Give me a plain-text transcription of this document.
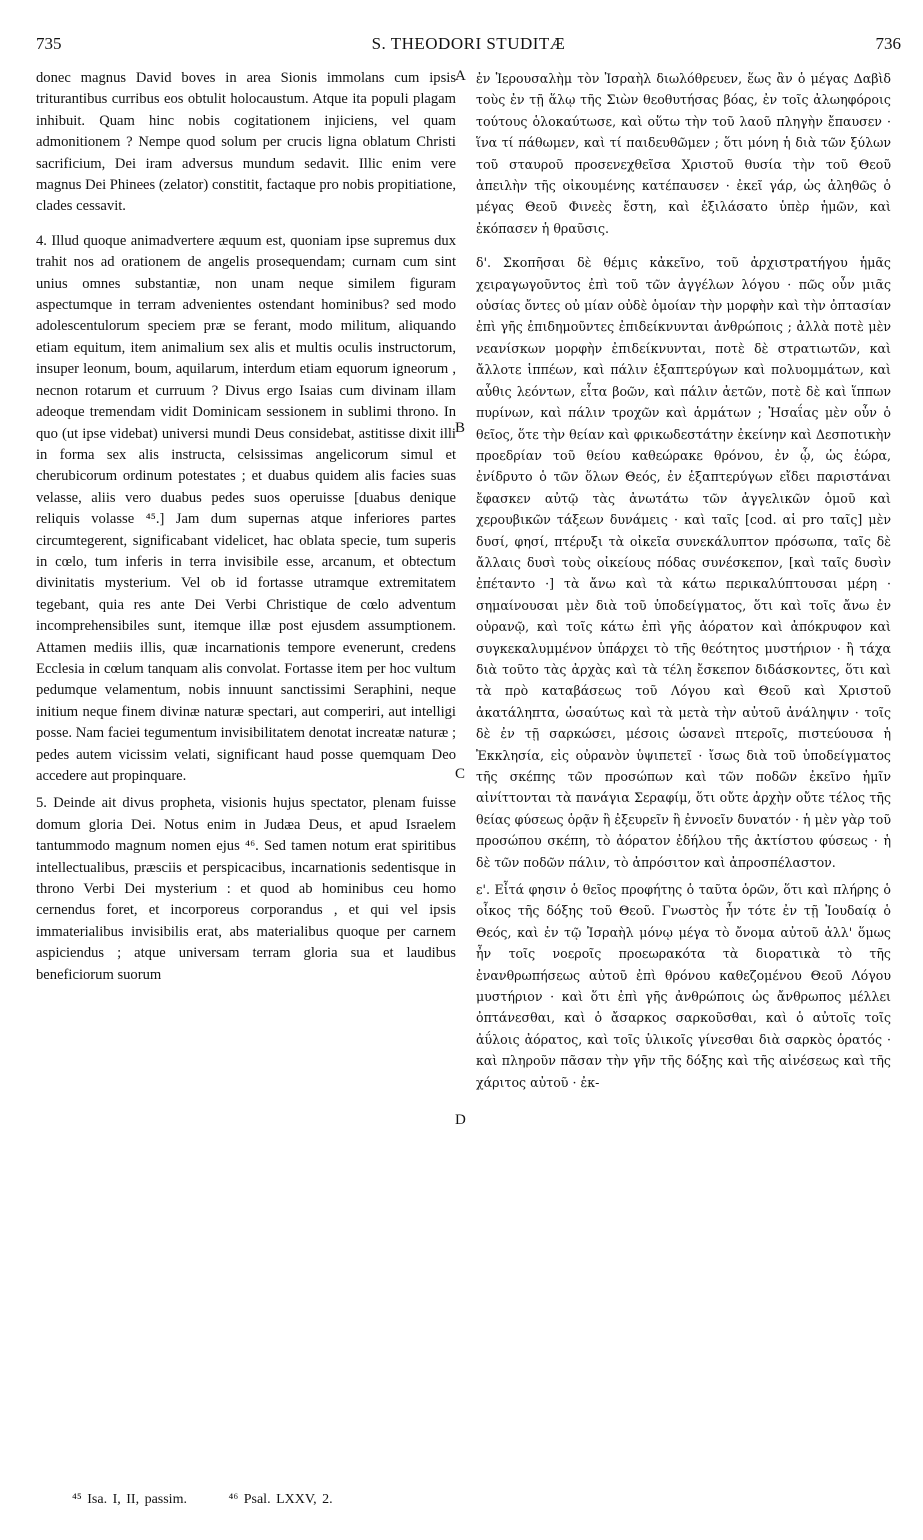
735	S. THEODORI STUDITÆ	736

donec magnus David boves in area Sionis immolans cum ipsis triturantibus curribus eos obtulit holocaustum. Atque ita populi plagam inhibuit. Quam hinc nobis cogitationem injiciens, vel quam admonitionem ? Nempe quod solum per crucis ligna oblatum Christi sacrificium, Dei iram adversus mundum sedavit. Illic enim vere magnus Dei Phinees (zelator) constitit, factaque pro nobis propitiatione, clades cessavit.

4. Illud quoque animadvertere æquum est, quoniam ipse supremus dux trahit nos ad orationem de angelis prosequendam; curnam cum sint unius omnes substantiæ, non unam neque similem figuram aspectumque in terram advenientes ostendant hominibus? sed modo adolescentulorum speciem præ se ferant, modo militum, aliquando etiam equitum, item animalium sex alis et multis oculis instructorum, insuper leonum, boum, aquilarum, interdum etiam equorum igneorum , necnon rotarum et curruum ? Divus ergo Isaias cum divinam illam adeoque tremendam vidit Dominicam sessionem in sublimi throno. In quo (ut ipse videbat) universi mundi Deus considebat, astitisse dixit illi in forma sex alis instructa, celsissimas angelicorum simul et cherubicorum ordinum potestates ; et duabus quidem alis facies suas velasse, aliis vero duabus pedes suos operuisse [duabus denique reliquis volasse ⁴⁵.] Jam dum supernas atque inferiores partes circumtegerent, significabant videlicet, hac oblata specie, tum superis in cœlo, tum inferis in terra invisibile esse, arcanum, et obtectum divinitatis mysterium. Vel ob id fortasse utramque extremitatem tegebant, quia res ante Dei Verbi Christique de cœlo adventum incomprehensibiles sunt, itemque illæ post ejusdem assumptionem. Attamen mediis illis, quæ incarnationis tempore evenerunt, credens Ecclesia in cœlum tanquam alis convolat. Fortasse item per hoc vultum pedumque velamentum, nobis innuunt sanctissimi Seraphini, neque initium neque finem divinæ naturæ spectari, aut comperiri, aut intelligi posse. Nam faciei tegumentum invisibilitatem denotat increatæ naturæ ; pedes autem vicissim velati, significant haud posse quemquam Deo accedere aut propinquare.

5. Deinde ait divus propheta, visionis hujus spectator, plenam fuisse domum gloria Dei. Notus enim in Judæa Deus, et apud Israelem tantummodo magnum nomen ejus ⁴⁶. Sed tamen notum erat spiritibus intellectualibus, præsciis et perspicacibus, incarnationis sedentisque in throno Verbi Dei mysterium : et quod ab hominibus ceu homo cernendus foret, et incorporeus corporandus , et qui vel ipsis immaterialibus invisibilis erat, abs materialibus quoque per carnem aspiciendus ; atque universam terram gloria sua et laudibus beneficiorum suorum

A
B
C
D

ἐν Ἱερουσαλὴμ τὸν Ἰσραὴλ διωλόθρευεν, ἕως ἂν ὁ μέγας Δαβὶδ τοὺς ἐν τῇ ἅλῳ τῆς Σιὼν θεοθυτήσας βόας, ἐν τοῖς ἀλωηφόροις τούτους ὁλοκαύτωσε, καὶ οὕτω τὴν τοῦ λαοῦ πληγὴν ἔπαυσεν · ἵνα τί πάθωμεν, καὶ τί παιδευθῶμεν ; ὅτι μόνη ἡ διὰ τῶν ξύλων τοῦ σταυροῦ προσενεχθεῖσα Χριστοῦ θυσία τὴν τοῦ Θεοῦ ἀπειλὴν τῆς οἰκουμένης κατέπαυσεν · ἐκεῖ γάρ, ὡς ἀληθῶς ὁ μέγας Θεοῦ Φινεὲς ἔστη, καὶ ἐξιλάσατο ὑπὲρ ἡμῶν, καὶ ἐκόπασεν ἡ θραῦσις.

δ'. Σκοπῆσαι δὲ θέμις κἀκεῖνο, τοῦ ἀρχιστρατήγου ἡμᾶς χειραγωγοῦντος ἐπὶ τοῦ τῶν ἀγγέλων λόγου · πῶς οὖν μιᾶς οὐσίας ὄντες οὐ μίαν οὐδὲ ὁμοίαν τὴν μορφὴν καὶ τὴν ὀπτασίαν ἐπὶ γῆς ἐπιδημοῦντες ἐπιδείκνυνται ἀνθρώποις ; ἀλλὰ ποτὲ μὲν νεανίσκων μορφὴν ἐπιδείκνυνται, ποτὲ δὲ στρατιωτῶν, καὶ ἄλλοτε ἱππέων, καὶ πάλιν ἑξαπτερύγων καὶ πολυομμάτων, καὶ αὖθις λεόντων, εἶτα βοῶν, καὶ πάλιν ἀετῶν, ποτὲ δὲ καὶ ἵππων πυρίνων, καὶ πάλιν τροχῶν καὶ ἁρμάτων ; Ἠσαΐας μὲν οὖν ὁ θεῖος, ὅτε τὴν θείαν καὶ φρικωδεστάτην ἐκείνην καὶ Δεσποτικὴν προεδρίαν τοῦ θείου καθεώρακε θρόνου, ἐν ᾧ, ὡς ἑώρα, ἐνίδρυτο ὁ τῶν ὅλων Θεός, ἐν ἑξαπτερύγων εἴδει παριστάναι ἔφασκεν αὐτῷ τὰς ἀνωτάτω τῶν ἀγγελικῶν ὁμοῦ καὶ χερουβικῶν τάξεων δυνάμεις · καὶ ταῖς [cod. αἱ pro ταῖς] μὲν δυσί, φησί, πτέρυξι τὰ οἰκεῖα συνεκάλυπτον πρόσωπα, ταῖς δὲ ἄλλαις δυσὶ τοὺς οἰκείους πόδας συνέσκεπον, [καὶ ταῖς δυσὶν ἐπέταντο ·] τὰ ἄνω καὶ τὰ κάτω περικαλύπτουσαι μέρη · σημαίνουσαι μὲν διὰ τοῦ ὑποδείγματος, ὅτι καὶ τοῖς ἄνω ἐν οὐρανῷ, καὶ τοῖς κάτω ἐπὶ γῆς ἀόρατον καὶ ἀπόκρυφον καὶ συγκεκαλυμμένον ὑπάρχει τὸ τῆς θεότητος μυστήριον · ἢ τάχα διὰ τοῦτο τὰς ἀρχὰς καὶ τὰ τέλη ἔσκεπον διδάσκοντες, ὅτι καὶ τὰ πρὸ καταβάσεως τοῦ Λόγου καὶ Θεοῦ καὶ Χριστοῦ ἀκατάληπτα, ὡσαύτως καὶ τὰ μετὰ τὴν αὐτοῦ ἀνάληψιν · τοῖς δὲ ἐν τῇ σαρκώσει, μέσοις ὡσανεὶ πτεροῖς, πιστεύουσα ἡ Ἐκκλησία, εἰς οὐρανὸν ὑψιπετεῖ · ἴσως διὰ τοῦ ὑποδείγματος τῆς σκέπης τῶν προσώπων καὶ τῶν ποδῶν ἐκεῖνο ἡμῖν αἰνίττονται τὰ πανάγια Σεραφίμ, ὅτι οὔτε ἀρχὴν οὔτε τέλος τῆς θείας φύσεως ὁρᾷν ἢ ἐξευρεῖν ἢ ἐννοεῖν δυνατόν · ἡ μὲν γὰρ τοῦ προσώπου σκέπη, τὸ ἀόρατον ἐδήλου τῆς ἀκτίστου φύσεως · ἡ δὲ τῶν ποδῶν πάλιν, τὸ ἀπρόσιτον καὶ ἀπροσπέλαστον.

ε'. Εἶτά φησιν ὁ θεῖος προφήτης ὁ ταῦτα ὁρῶν, ὅτι καὶ πλήρης ὁ οἶκος τῆς δόξης τοῦ Θεοῦ. Γνωστὸς ἦν τότε ἐν τῇ Ἰουδαίᾳ ὁ Θεός, καὶ ἐν τῷ Ἰσραὴλ μόνῳ μέγα τὸ ὄνομα αὐτοῦ ἀλλ' ὅμως ἦν τοῖς νοεροῖς προεωρακότα τὰ διορατικὰ τὸ τῆς ἐνανθρωπήσεως αὐτοῦ ἐπὶ θρόνου καθεζομένου Θεοῦ Λόγου μυστήριον · καὶ ὅτι ἐπὶ γῆς ἀνθρώποις ὡς ἄνθρωπος μέλλει ὀπτάνεσθαι, καὶ ὁ ἄσαρκος σαρκοῦσθαι, καὶ ὁ αὐτοῖς τοῖς ἀΰλοις ἀόρατος, καὶ τοῖς ὑλικοῖς γίνεσθαι διὰ σαρκὸς ὁρατός · καὶ πληροῦν πᾶσαν τὴν γῆν τῆς δόξης καὶ τῆς αἰνέσεως καὶ τῆς χάριτος αὐτοῦ · ἐκ-

⁴⁵ Isa. I, II, passim.	⁴⁶ Psal. LXXV, 2.
